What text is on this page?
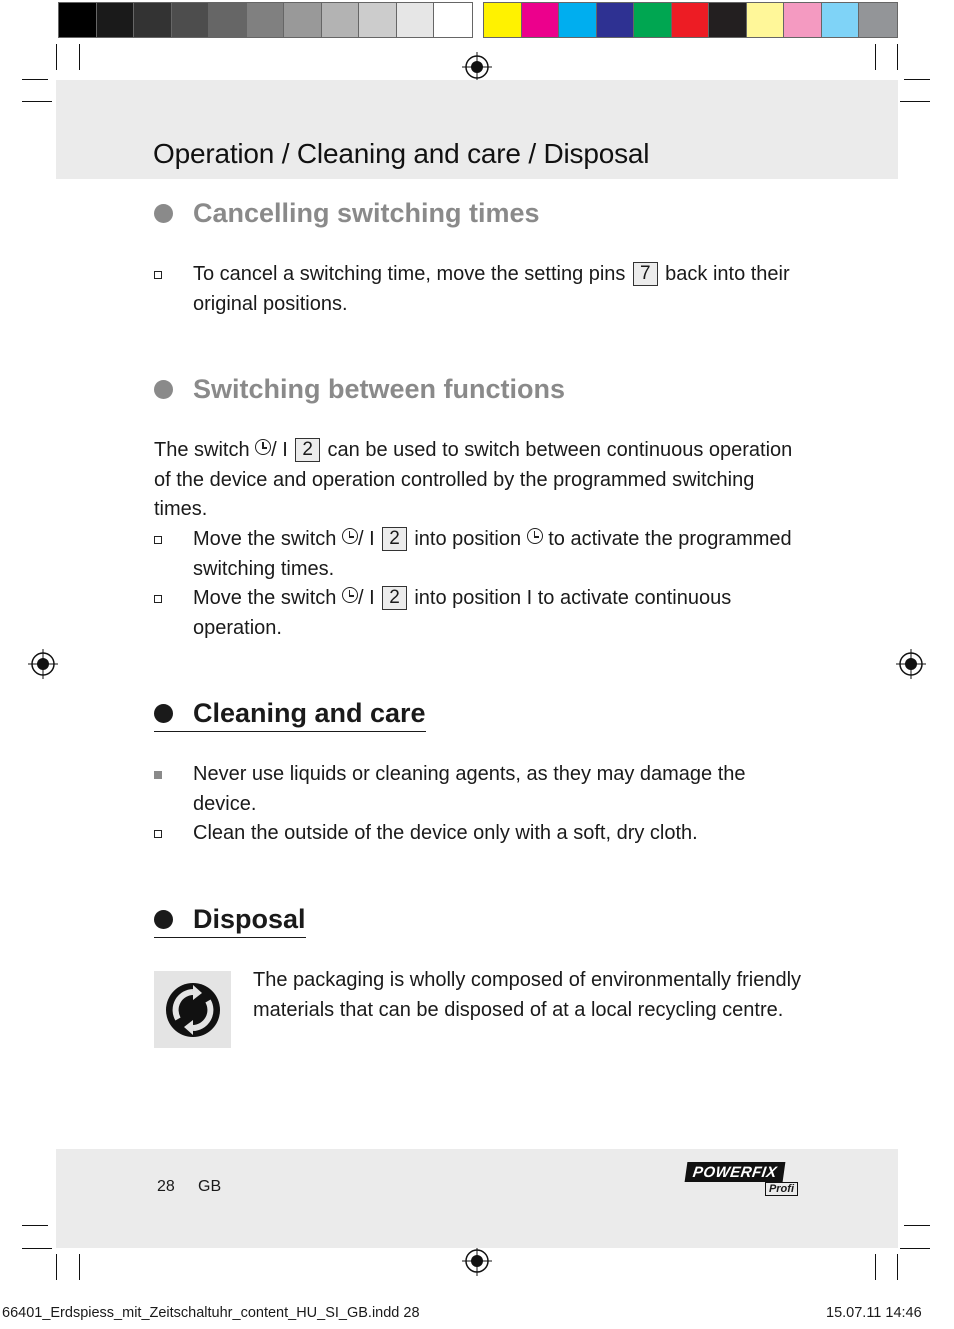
Operation / Cleaning and care / Disposal
Cancelling switching times
To cancel a switching time, move the setting pins 7 back into their original positions.
Switching between functions

The switch / I 2 can be used to switch between continuous operation of the device and operation controlled by the programmed switching times.

Move the switch / I 2 into position to activate the programmed switching times.
Move the switch / I 2 into position I to activate continuous operation.
Cleaning and care
Never use liquids or cleaning agents, as they may damage the device.
Clean the outside of the device only with a soft, dry cloth.
Disposal

The packaging is wholly composed of environmentally friendly materials that can be disposed of at a local recycling centre.

28 GB
POWERFIX
Profi
66401_Erdspiess_mit_Zeitschaltuhr_content_HU_SI_GB.indd 28	15.07.11 14:46
